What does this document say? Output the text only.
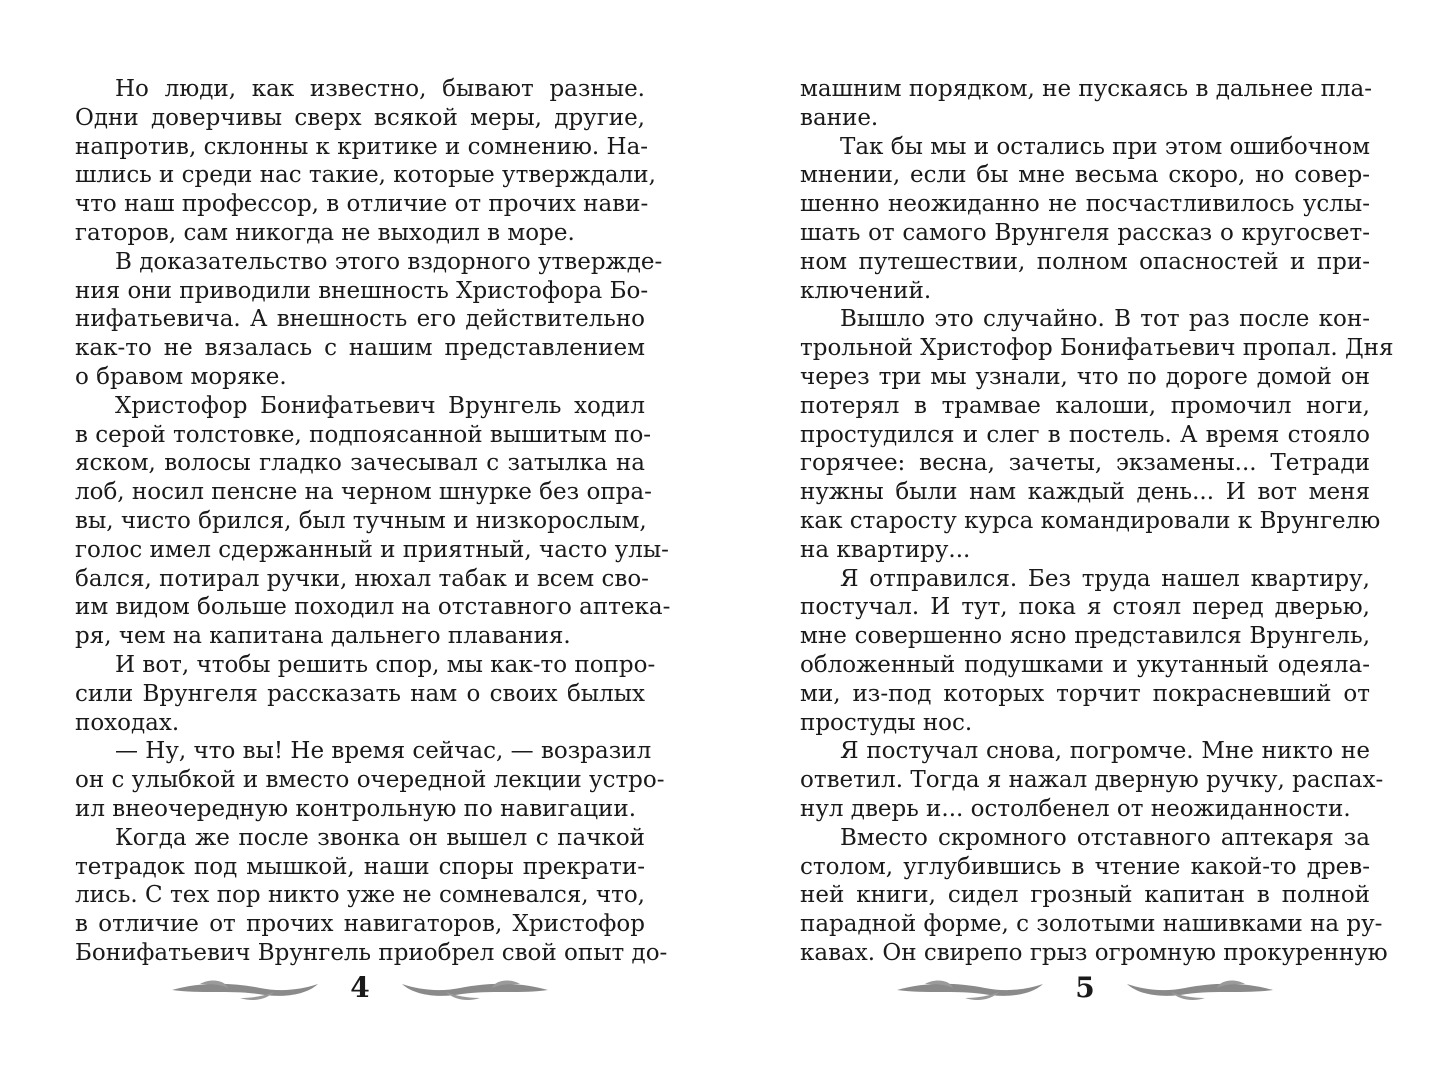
Но люди, как известно, бывают разные.
Одни доверчивы сверх всякой меры, другие,
напротив, склонны к критике и сомнению. На-
шлись и среди нас такие, которые утверждали,
что наш профессор, в отличие от прочих нави-
гаторов, сам никогда не выходил в море.
В доказательство этого вздорного утвержде-
ния они приводили внешность Христофора Бо-
нифатьевича. А внешность его действительно
как-то не вязалась с нашим представлением
о бравом моряке.
Христофор Бонифатьевич Врунгель ходил
в серой толстовке, подпоясанной вышитым по-
яском, волосы гладко зачесывал с затылка на
лоб, носил пенсне на черном шнурке без опра-
вы, чисто брился, был тучным и низкорослым,
голос имел сдержанный и приятный, часто улы-
бался, потирал ручки, нюхал табак и всем сво-
им видом больше походил на отставного аптека-
ря, чем на капитана дальнего плавания.
И вот, чтобы решить спор, мы как-то попро-
сили Врунгеля рассказать нам о своих былых
походах.
— Ну, что вы! Не время сейчас, — возразил
он с улыбкой и вместо очередной лекции устро-
ил внеочередную контрольную по навигации.
Когда же после звонка он вышел с пачкой
тетрадок под мышкой, наши споры прекрати-
лись. С тех пор никто уже не сомневался, что,
в отличие от прочих навигаторов, Христофор
Бонифатьевич Врунгель приобрел свой опыт до-
4
машним порядком, не пускаясь в дальнее пла-
вание.
Так бы мы и остались при этом ошибочном
мнении, если бы мне весьма скоро, но совер-
шенно неожиданно не посчастливилось услы-
шать от самого Врунгеля рассказ о кругосвет-
ном путешествии, полном опасностей и при-
ключений.
Вышло это случайно. В тот раз после кон-
трольной Христофор Бонифатьевич пропал. Дня
через три мы узнали, что по дороге домой он
потерял в трамвае калоши, промочил ноги,
простудился и слег в постель. А время стояло
горячее: весна, зачеты, экзамены... Тетради
нужны были нам каждый день... И вот меня
как старосту курса командировали к Врунгелю
на квартиру...
Я отправился. Без труда нашел квартиру,
постучал. И тут, пока я стоял перед дверью,
мне совершенно ясно представился Врунгель,
обложенный подушками и укутанный одеяла-
ми, из-под которых торчит покрасневший от
простуды нос.
Я постучал снова, погромче. Мне никто не
ответил. Тогда я нажал дверную ручку, распах-
нул дверь и... остолбенел от неожиданности.
Вместо скромного отставного аптекаря за
столом, углубившись в чтение какой-то древ-
ней книги, сидел грозный капитан в полной
парадной форме, с золотыми нашивками на ру-
кавах. Он свирепо грыз огромную прокуренную
5
